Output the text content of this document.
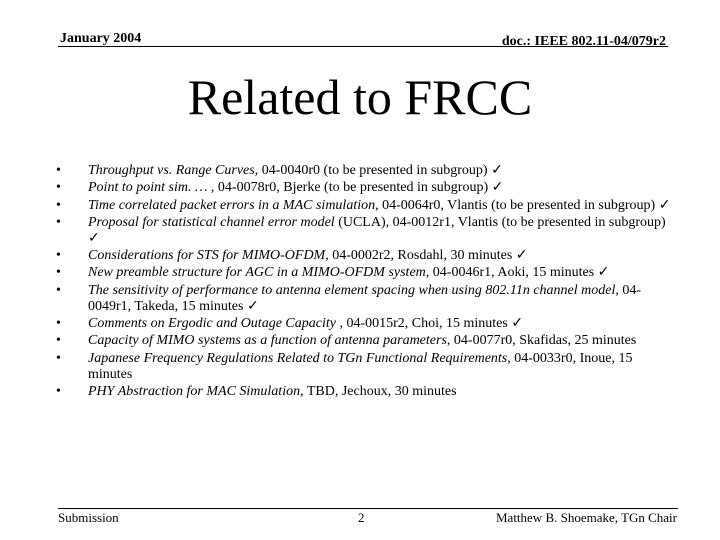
January 2004	doc.: IEEE 802.11-04/079r2
Related to FRCC
• Throughput vs. Range Curves, 04-0040r0 (to be presented in subgroup) ✓
• Point to point sim. … , 04-0078r0, Bjerke (to be presented in subgroup) ✓
• Time correlated packet errors in a MAC simulation, 04-0064r0, Vlantis (to be presented in subgroup) ✓
• Proposal for statistical channel error model (UCLA), 04-0012r1, Vlantis (to be presented in subgroup) ✓
• Considerations for STS for MIMO-OFDM, 04-0002r2, Rosdahl, 30 minutes ✓
• New preamble structure for AGC in a MIMO-OFDM system, 04-0046r1, Aoki, 15 minutes ✓
• The sensitivity of performance to antenna element spacing when using 802.11n channel model, 04-0049r1, Takeda, 15 minutes ✓
• Comments on Ergodic and Outage Capacity , 04-0015r2, Choi, 15 minutes ✓
• Capacity of MIMO systems as a function of antenna parameters, 04-0077r0, Skafidas, 25 minutes
• Japanese Frequency Regulations Related to TGn Functional Requirements, 04-0033r0, Inoue, 15 minutes
• PHY Abstraction for MAC Simulation, TBD, Jechoux, 30 minutes
Submission	2	Matthew B. Shoemake, TGn Chair
